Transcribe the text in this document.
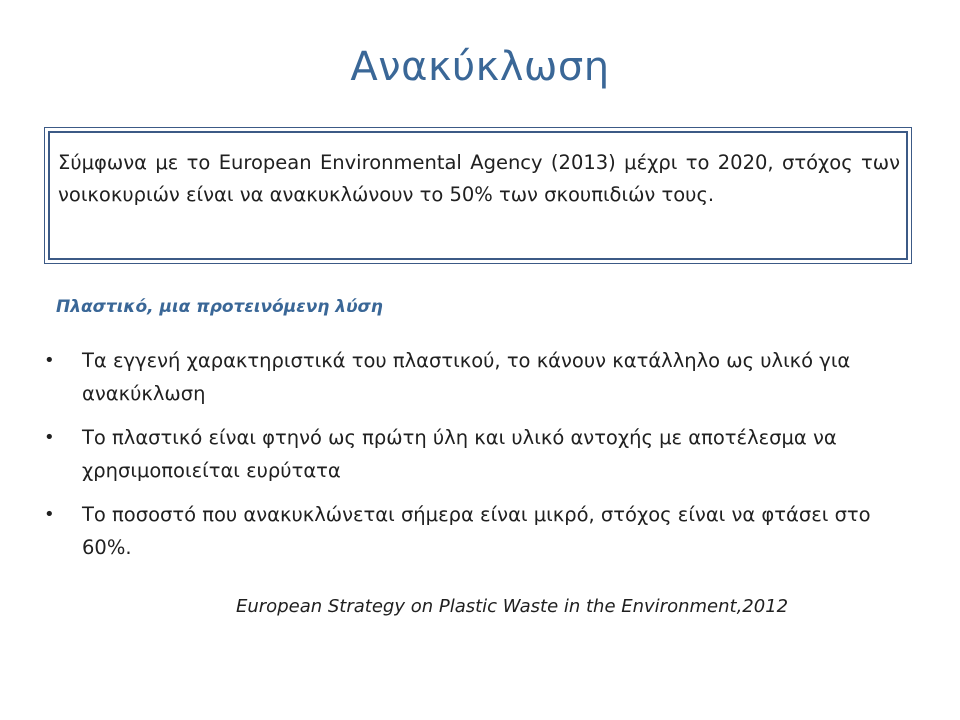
Ανακύκλωση
Σύμφωνα με το European Environmental Agency (2013) μέχρι το 2020, στόχος των νοικοκυριών είναι να ανακυκλώνουν το 50% των σκουπιδιών τους.
Πλαστικό, μια προτεινόμενη λύση
• Τα εγγενή χαρακτηριστικά του πλαστικού, το κάνουν κατάλληλο ως υλικό για ανακύκλωση
• Το πλαστικό είναι φτηνό ως πρώτη ύλη και υλικό αντοχής με αποτέλεσμα να χρησιμοποιείται ευρύτατα
• Το ποσοστό που ανακυκλώνεται σήμερα είναι μικρό, στόχος είναι να φτάσει στο 60%.
European Strategy on Plastic Waste in the Environment,2012
